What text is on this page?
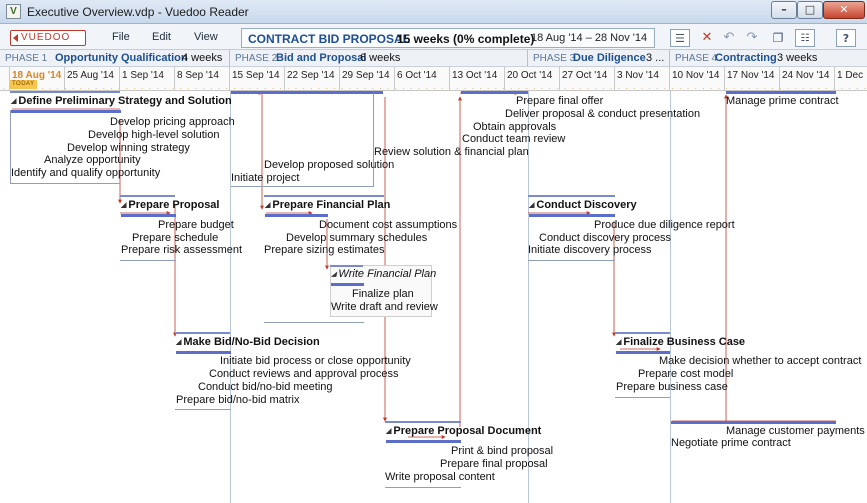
V Executive Overview.vdp - Vuedoo Reader	–	□	✕
VUEDOO	File Edit View	CONTRACT BID PROPOSAL
15 weeks (0% complete)
18 Aug '14 – 28 Nov '14	☰	✕ ↶ ↷	❐	☷	?
PHASE 1 Opportunity Qualification
4 weeks PHASE 2
Bid and Proposal
6 weeks	PHASE 3
Due Diligence 3 ... PHASE 4
Contracting 3 weeks
TODAY
18 Aug '14 25 Aug '14 1 Sep '14 8 Sep '14 15 Sep '14 22 Sep '14 29 Sep '14 6 Oct '14 13 Oct '14 20 Oct '14 27 Oct '14 3 Nov '14 10 Nov '14 17 Nov '14 24 Nov '14 1 Dec
◢ Define Preliminary Strategy and Solution
Develop pricing approach
Develop high-level solution
Develop winning strategy
Analyze opportunity
Identify and qualify opportunity
◢ Prepare Proposal
Prepare budget
Prepare schedule
Prepare risk assessment
◢ Make Bid/No-Bid Decision
Initiate bid process or close opportunity
Conduct reviews and approval process
Conduct bid/no-bid meeting
Prepare bid/no-bid matrix
Develop proposed solution
Initiate project
Review solution & financial plan
◢ Prepare Financial Plan
Document cost assumptions
Develop summary schedules
Prepare sizing estimates
◢ Write Financial Plan
Finalize plan
Write draft and review
Prepare final offer
Deliver proposal & conduct presentation
Obtain approvals
Conduct team review
◢ Prepare Proposal Document
Print & bind proposal
Prepare final proposal
Write proposal content
◢ Conduct Discovery
Produce due diligence report
Conduct discovery process
Initiate discovery process
◢ Finalize Business Case
Make decision whether to accept contract
Prepare cost model
Prepare business case
Manage prime contract
Manage customer payments
Negotiate prime contract
